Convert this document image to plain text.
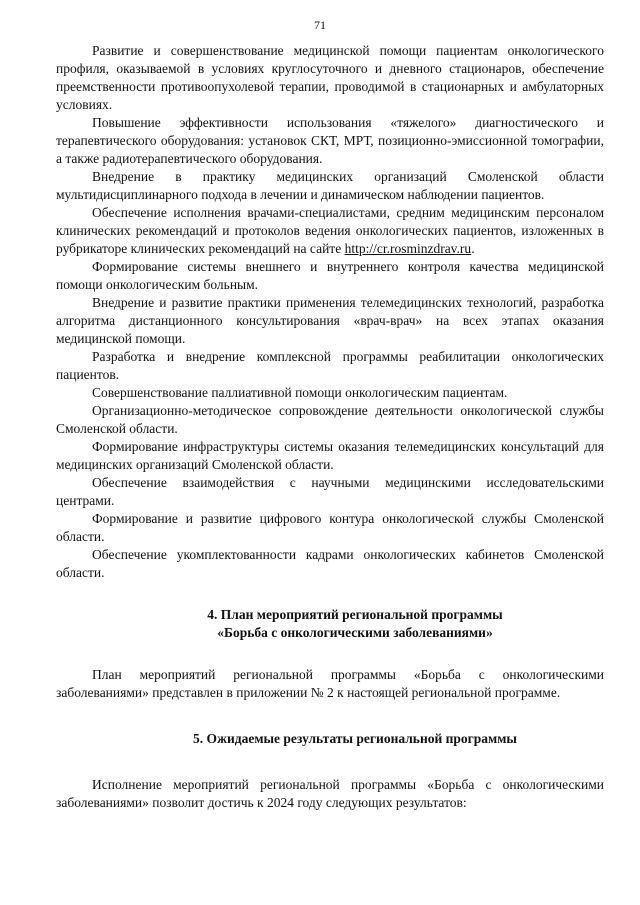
71

Развитие и совершенствование медицинской помощи пациентам онкологического профиля, оказываемой в условиях круглосуточного и дневного стационаров, обеспечение преемственности противоопухолевой терапии, проводимой в стационарных и амбулаторных условиях.

Повышение эффективности использования «тяжелого» диагностического и терапевтического оборудования: установок СКТ, МРТ, позиционно-эмиссионной томографии, а также радиотерапевтического оборудования.

Внедрение в практику медицинских организаций Смоленской области мультидисциплинарного подхода в лечении и динамическом наблюдении пациентов.

Обеспечение исполнения врачами-специалистами, средним медицинским персоналом клинических рекомендаций и протоколов ведения онкологических пациентов, изложенных в рубрикаторе клинических рекомендаций на сайте http://cr.rosminzdrav.ru.

Формирование системы внешнего и внутреннего контроля качества медицинской помощи онкологическим больным.

Внедрение и развитие практики применения телемедицинских технологий, разработка алгоритма дистанционного консультирования «врач-врач» на всех этапах оказания медицинской помощи.

Разработка и внедрение комплексной программы реабилитации онкологических пациентов.

Совершенствование паллиативной помощи онкологическим пациентам.

Организационно-методическое сопровождение деятельности онкологической службы Смоленской области.

Формирование инфраструктуры системы оказания телемедицинских консультаций для медицинских организаций Смоленской области.

Обеспечение взаимодействия с научными медицинскими исследовательскими центрами.

Формирование и развитие цифрового контура онкологической службы Смоленской области.

Обеспечение укомплектованности кадрами онкологических кабинетов Смоленской области.

4. План мероприятий региональной программы
«Борьба с онкологическими заболеваниями»

План мероприятий региональной программы «Борьба с онкологическими заболеваниями» представлен в приложении № 2 к настоящей региональной программе.

5. Ожидаемые результаты региональной программы

Исполнение мероприятий региональной программы «Борьба с онкологическими заболеваниями» позволит достичь к 2024 году следующих результатов:
